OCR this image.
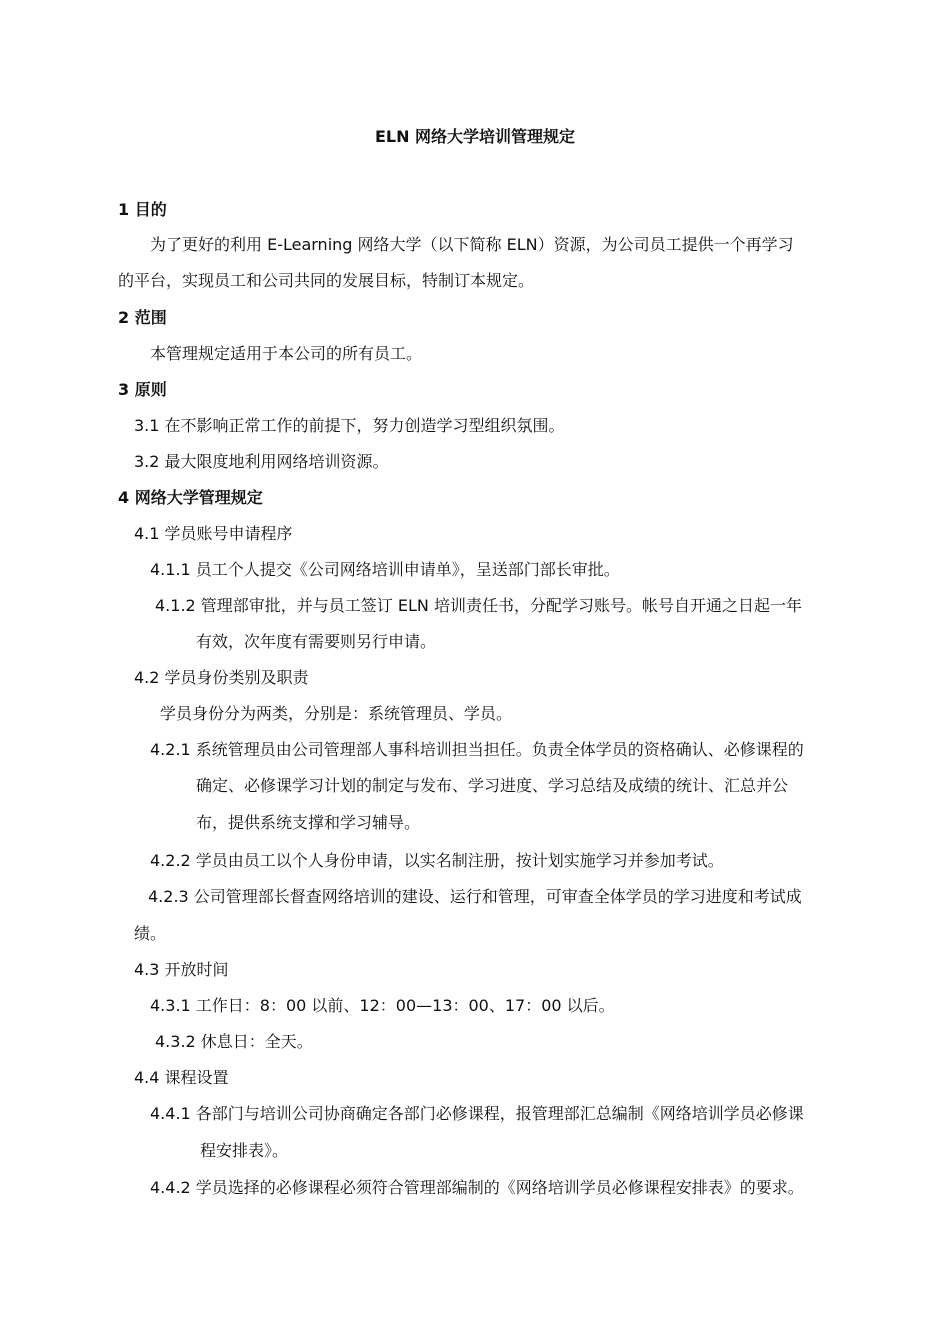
ELN 网络大学培训管理规定
1 目的
为了更好的利用 E-Learning 网络大学（以下简称 ELN）资源，为公司员工提供一个再学习
的平台，实现员工和公司共同的发展目标，特制订本规定。
2 范围
本管理规定适用于本公司的所有员工。
3 原则
3.1 在不影响正常工作的前提下，努力创造学习型组织氛围。
3.2 最大限度地利用网络培训资源。
4 网络大学管理规定
4.1 学员账号申请程序
4.1.1 员工个人提交《公司网络培训申请单》，呈送部门部长审批。
4.1.2 管理部审批，并与员工签订 ELN 培训责任书，分配学习账号。帐号自开通之日起一年
有效，次年度有需要则另行申请。
4.2 学员身份类别及职责
学员身份分为两类，分别是：系统管理员、学员。
4.2.1 系统管理员由公司管理部人事科培训担当担任。负责全体学员的资格确认、必修课程的
确定、必修课学习计划的制定与发布、学习进度、学习总结及成绩的统计、汇总并公
布，提供系统支撑和学习辅导。
4.2.2 学员由员工以个人身份申请，以实名制注册，按计划实施学习并参加考试。
4.2.3 公司管理部长督查网络培训的建设、运行和管理，可审查全体学员的学习进度和考试成
绩。
4.3 开放时间
4.3.1 工作日：8：00 以前、12：00—13：00、17：00 以后。
4.3.2 休息日：全天。
4.4 课程设置
4.4.1 各部门与培训公司协商确定各部门必修课程，报管理部汇总编制《网络培训学员必修课
程安排表》。
4.4.2 学员选择的必修课程必须符合管理部编制的《网络培训学员必修课程安排表》的要求。
